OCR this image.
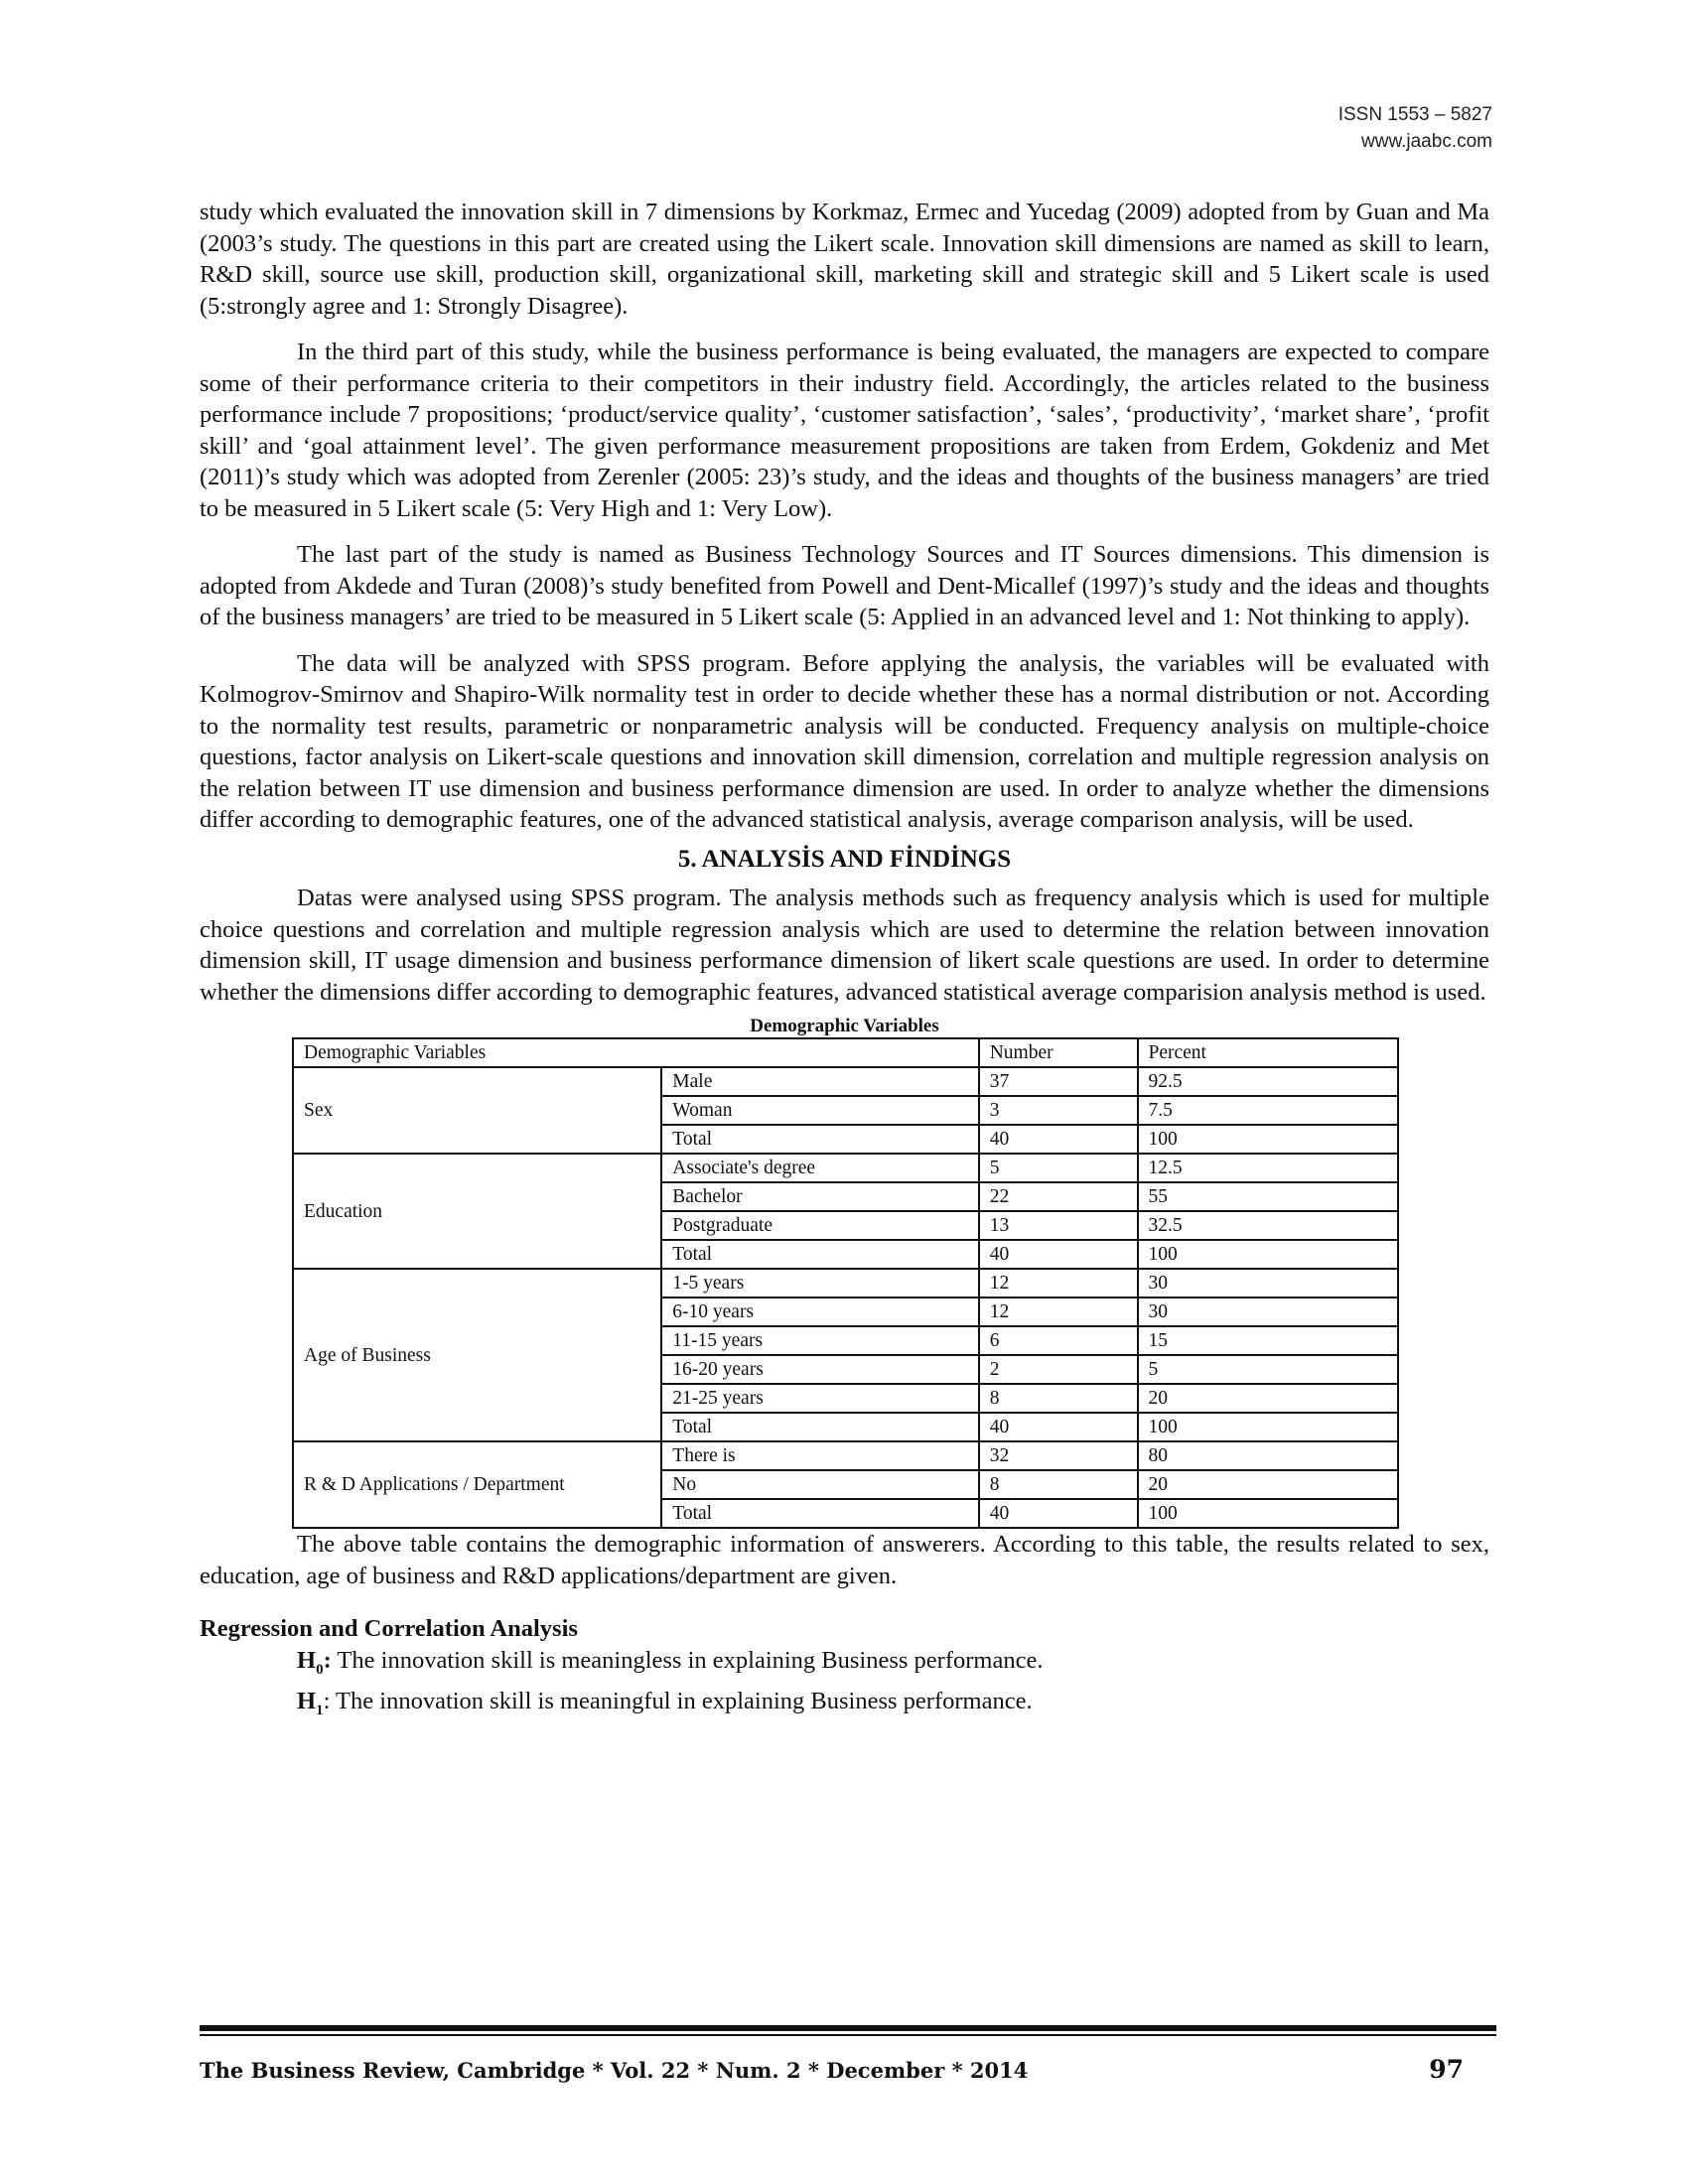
ISSN 1553 – 5827
www.jaabc.com

study which evaluated the innovation skill in 7 dimensions by Korkmaz, Ermec and Yucedag (2009) adopted from by Guan and Ma (2003’s study. The questions in this part are created using the Likert scale. Innovation skill dimensions are named as skill to learn, R&D skill, source use skill, production skill, organizational skill, marketing skill and strategic skill and 5 Likert scale is used (5:strongly agree and 1: Strongly Disagree).

In the third part of this study, while the business performance is being evaluated, the managers are expected to compare some of their performance criteria to their competitors in their industry field. Accordingly, the articles related to the business performance include 7 propositions; ‘product/service quality’, ‘customer satisfaction’, ‘sales’, ‘productivity’, ‘market share’, ‘profit skill’ and ‘goal attainment level’. The given performance measurement propositions are taken from Erdem, Gokdeniz and Met (2011)’s study which was adopted from Zerenler (2005: 23)’s study, and the ideas and thoughts of the business managers’ are tried to be measured in 5 Likert scale (5: Very High and 1: Very Low).

The last part of the study is named as Business Technology Sources and IT Sources dimensions. This dimension is adopted from Akdede and Turan (2008)’s study benefited from Powell and Dent-Micallef (1997)’s study and the ideas and thoughts of the business managers’ are tried to be measured in 5 Likert scale (5: Applied in an advanced level and 1: Not thinking to apply).

The data will be analyzed with SPSS program. Before applying the analysis, the variables will be evaluated with Kolmogrov-Smirnov and Shapiro-Wilk normality test in order to decide whether these has a normal distribution or not. According to the normality test results, parametric or nonparametric analysis will be conducted. Frequency analysis on multiple-choice questions, factor analysis on Likert-scale questions and innovation skill dimension, correlation and multiple regression analysis on the relation between IT use dimension and business performance dimension are used. In order to analyze whether the dimensions differ according to demographic features, one of the advanced statistical analysis, average comparison analysis, will be used.

5. ANALYSİS AND FİNDİNGS

Datas were analysed using SPSS program. The analysis methods such as frequency analysis which is used for multiple choice questions and correlation and multiple regression analysis which are used to determine the relation between innovation dimension skill, IT usage dimension and business performance dimension of likert scale questions are used. In order to determine whether the dimensions differ according to demographic features, advanced statistical average comparision analysis method is used.

Demographic Variables
Demographic Variables		Number	Percent
Sex	Male	37	92.5
	Woman	3	7.5
	Total	40	100
Education	Associate's degree	5	12.5
	Bachelor	22	55
	Postgraduate	13	32.5
	Total	40	100
Age of Business	1-5 years	12	30
	6-10 years	12	30
	11-15 years	6	15
	16-20 years	2	5
	21-25 years	8	20
	Total	40	100
R & D Applications / Department	There is	32	80
	No	8	20
	Total	40	100

The above table contains the demographic information of answerers. According to this table, the results related to sex, education, age of business and R&D applications/department are given.

Regression and Correlation Analysis
$H_0$: The innovation skill is meaningless in explaining Business performance.
$H_1$: The innovation skill is meaningful in explaining Business performance.
The Business Review, Cambridge * Vol. 22 * Num. 2 * December * 2014	97
